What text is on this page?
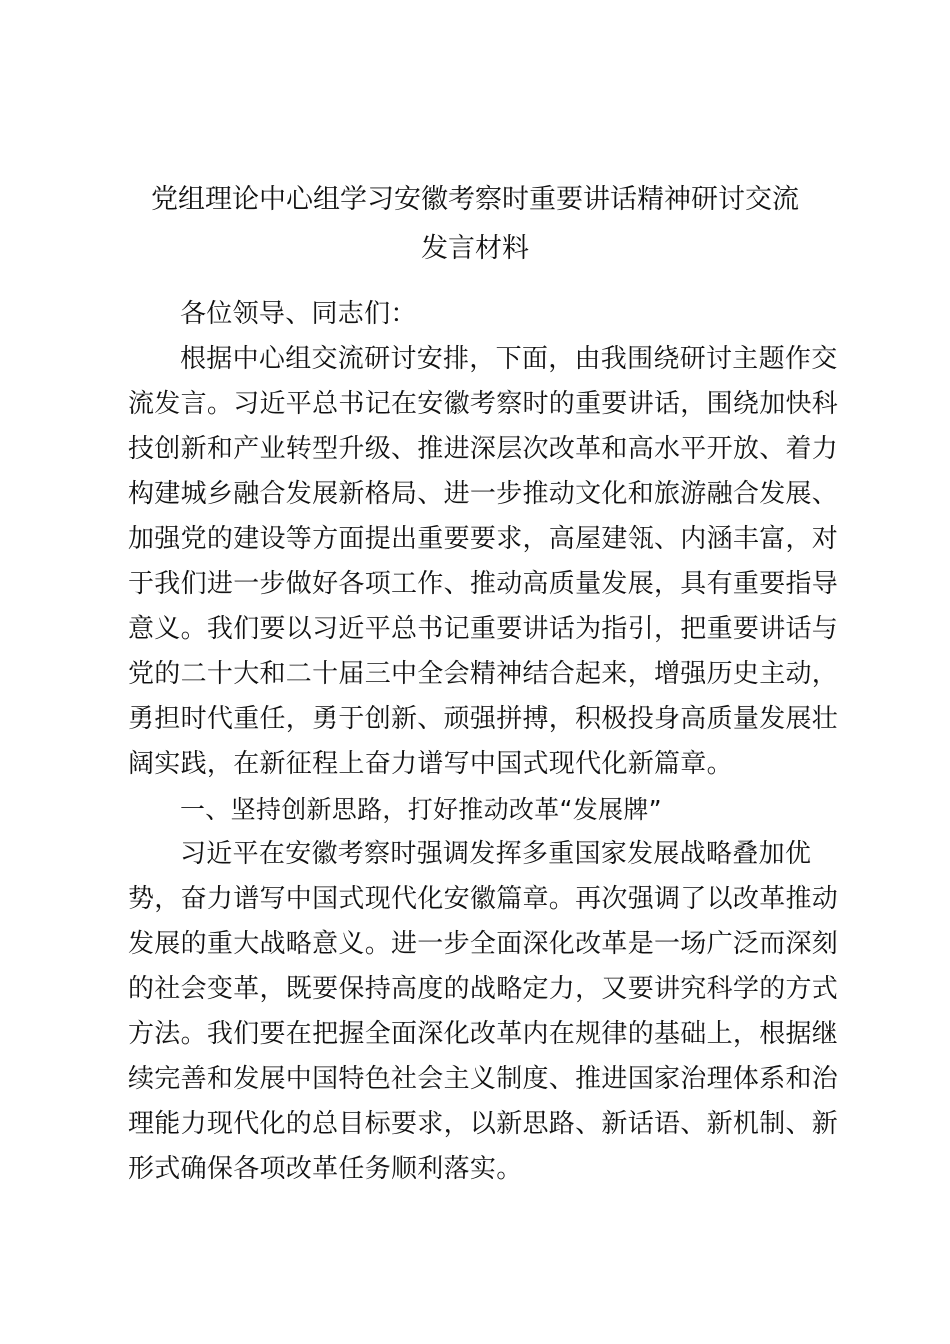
党组理论中心组学习安徽考察时重要讲话精神研讨交流
发言材料
各位领导、同志们：
根据中心组交流研讨安排，下面，由我围绕研讨主题作交
流发言。习近平总书记在安徽考察时的重要讲话，围绕加快科
技创新和产业转型升级、推进深层次改革和高水平开放、着力
构建城乡融合发展新格局、进一步推动文化和旅游融合发展、
加强党的建设等方面提出重要要求，高屋建瓴、内涵丰富，对
于我们进一步做好各项工作、推动高质量发展，具有重要指导
意义。我们要以习近平总书记重要讲话为指引，把重要讲话与
党的二十大和二十届三中全会精神结合起来，增强历史主动，
勇担时代重任，勇于创新、顽强拼搏，积极投身高质量发展壮
阔实践，在新征程上奋力谱写中国式现代化新篇章。
一、坚持创新思路，打好推动改革“发展牌”
习近平在安徽考察时强调发挥多重国家发展战略叠加优
势，奋力谱写中国式现代化安徽篇章。再次强调了以改革推动
发展的重大战略意义。进一步全面深化改革是一场广泛而深刻
的社会变革，既要保持高度的战略定力，又要讲究科学的方式
方法。我们要在把握全面深化改革内在规律的基础上，根据继
续完善和发展中国特色社会主义制度、推进国家治理体系和治
理能力现代化的总目标要求，以新思路、新话语、新机制、新
形式确保各项改革任务顺利落实。
